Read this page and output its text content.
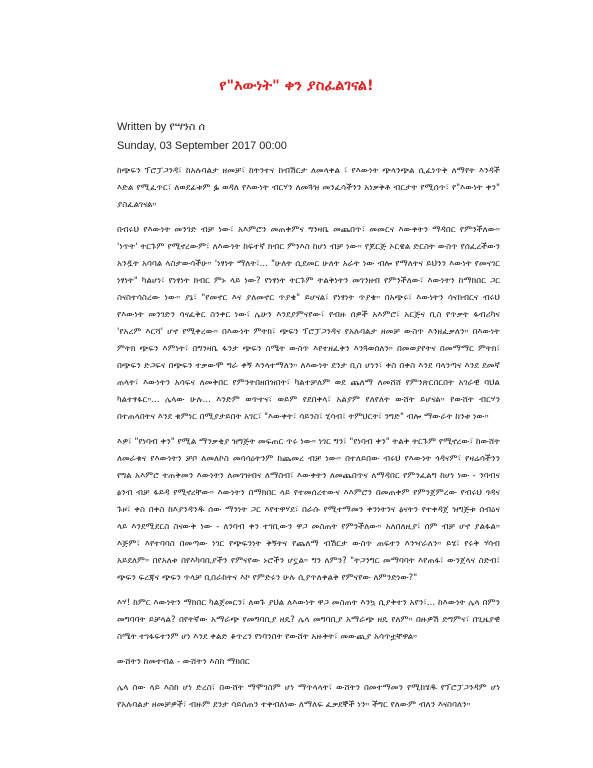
የ"እውነት" ቀን ያስፈልገናል!
Written by የሣንስ ሰ
Sunday, 03 September 2017 00:00

ከጭፍን ፕሮፓጋንዳ፣ ከአሉባልታ ዘመቻ፣ ከትንተና ከብሽርታ ለመላቀል ፣ የእውነት ጭላንጭል ሲፈነጥቅ ለማየት እንዳች እድል የሚፈጥር፣ ለወደፊቱም ፏ ወዳለ የእውነት ብርሃን ለመጓዝ መንፈሳችንን አነቃቅቶ ብርታት የሚሰጥ፣ የ"እውነት ቀን" ያስፈልገናል።

በብሩህ የእውነት መንገድ ብቻ ነው፣ አእምሮን መጠቀምና ግንዛቤ መጨበጥ፣ መመርና እውቀትን ማዳበር የምንችለው። 'ነጥት' ትርጉም የሚኖረውም፣ ለእውነት ከፍተኛ ክብር ምንእስ ከሆነ ብቻ ነው። የጆርጅ ኦርዌል ድርስት ውስጥ የሰፈረችውን አንዷት አባባል ላስታውሳችሁ። 'ነፃነት ማለት፣... "ሁለት ሲደመር ሁለት አራት ነው ብሎ የማለትና ይህንን እውነት የመናገር ነፃነት" ካልሆነ፣ የነፃነት ክብር ምኑ ላይ ነው? የነፃነት ትርጉም ትልቅነትን መገንዘብ የምንችለው፣ እውነትን ከማክበር ጋር ስናስተሳስረው ነው። ያኔ፣ "የመኖር እና ያለመኖር ጥያቄ" ይሆናል፣ የነፃነት ጥያቄ። በአጭሩ፣ እውነትን ሳናከብርና ብሩህ የእውነት መንገድን ሳናፈቅር ስንቀር ነው፣ ሌሁን እንደያምናየው፣ የብዙ ሰዎች አእምሮ፣ አርጅና ቢስ የጥቃት ፋብሪካና 'የአረም እርሻ' ሆኖ የሚቀረው። በእውነት ምትክ፣ ጭፍን ፕሮፓጋንዳና የአሉባልታ ዘመቻ ውስጥ እንዘፈቃለን። በእውነት ምትክ ጭፍን እምነት፣ በግንዛቤ ፋንታ ጭፍን ስሜት ውስጥ እየተዘፈቅን እንጓወሰለን። በመወያየትና በመማማር ምትክ፣ በጭፍን ድጋፍና በጭፍን ተቃውሞ ግራ ቀኝ እንላተማለን። ለእውነት ደንታ ቢስ ሆነን፣ ቀስ በቀስ እንደ ባላንጣና እንደ ደመኛ ጠላት፣ እውነትን አሳፍና ለመቅበር የምንትበዘበዝበት፣ ካልተቻለም ወደ ጨለማ ለመሸሸ የምንጽርበርበት አገራዊ ባህል ካልተፃፋር።... ሌላው ሁሉ... እንድም ወጥተና፣ ወይም የደበቀላ፣ አልያም የለየለት ውሸት ይሆናል። የውሸት ብርሃን በተጠላበትና እንደ ቁምነር በሚያታይበት አገር፣ "እውቀት፣ ሳይንስ፣ ሂሳብ፣ ትምህርት፣ ንግድ" ብሎ ማውራት ከንቱ ነው።

እዎ፣ "የነባብ ቀን" የሚል ማንቃቂያ ዝግጅት መፍጠር ጥሩ ነው። ነገር ግን፣ "የነባብ ቀን" ትልቅ ትርጉም የሚኖረው፣ ከውሸት ለመራቁና የእውነትን ቻቦ ለመለኮስ መሳሳዕትንም ከጨመረ ብቻ ነው። በተለይበው ብሩህ የእውነት ጎዳናም፣ የዛሬሳችንን የግል አእምሮ ተጠቅመን እውነትን ለመገዝብና ለማስብ፣ እውቀትን ለመጨበጥና ለማዳበር የምንፈልግ ከሆነ ነው - ንባብና ፅንብ ብቻ ፋይዳ የሚኖረቸው። እውነትን በማክበር ላይ የተመሰረተውና እእምሮን በመጠቀም የምንጀምረው የብሩህ ጎዳና ጉዞ፣ ቀስ በቀስ ከእያንዳንዱ ሰው ማንነት ጋር እየተዋሃደ፣ በራሱ የሚተማመን ቀንነትንና ፅናትን የተቀዳጀ ዝግጅቱ ሰብዕና ላይ እንደሚደርስ ስናውቅ ነው - ለንባብ ቀን ተገቢውን ዋጋ መስጠት የምንችለው። አለበለዚያ፣ ሰም ብቻ ሆኖ ያልፋል። እጅም፣ እየተባባስ በመጣው ነገር የጭፍንነት ቅኝትና የጨለማ ብሽርታ ውስጥ ጠፍተን እንዣራለን። ይሄ፣ የሩቅ ሃሳብ አይደለም። በየአለቱ በየእካባቢያችን የምናየው ኑሮችን ሆኗል። ግን ለምን? "ትጋንግር መማባባት እየጠፋ፣ ውንጀላና ስድብ፣ ጭፍን ፍረጃና ጭፍን ጥላቻ ቢበራከትና እኮ የምድሩን ሁሉ ሲያጥለቀልቅ የምናየው ለምንድነው?"

እሃ! ከምር እውነትን ማክበር ካልጀመርን፣ ለወጉ ያህል ለእውነት ዋጋ መስጠት እንኳ ሲያቅተን አየን፣... ከእውነት ሌላ በምን መግባባት ይቻላል? በየትኛው አማራጭ የመግባቢያ ዘዴ? ሌላ መግባቢያ አማራጭ ዘዴ የለም። በዙዎሽ ድግምና፣ በጊዜያዊ ስሜት ተገፋፍተንም ሆነ እንደ ቀልድ ቆጥረን የነባንበት የውሸት አዙቅት፣ መውጪያ አሳጥቷቸዋል።

ውሸትን ከመተብል - ውሸትን እስከ ማክበር

ሌላ ሰው ላይ እስከ ሆነ ድረስ፣ በውሸት ማሞገስም ሆነ ማጥላላት፣ ውሸትን በመተማመን የሚከሄዱ የፕሮፓጋንዳም ሆነ የአሉባልታ ዘመቻዎች፣ ብዙም ደንታ ሳይሰጠን ተቀብለነው ለማለፍ ፈቃደኞች ነን። ችግር የለውም ብለን እናስባለን።
